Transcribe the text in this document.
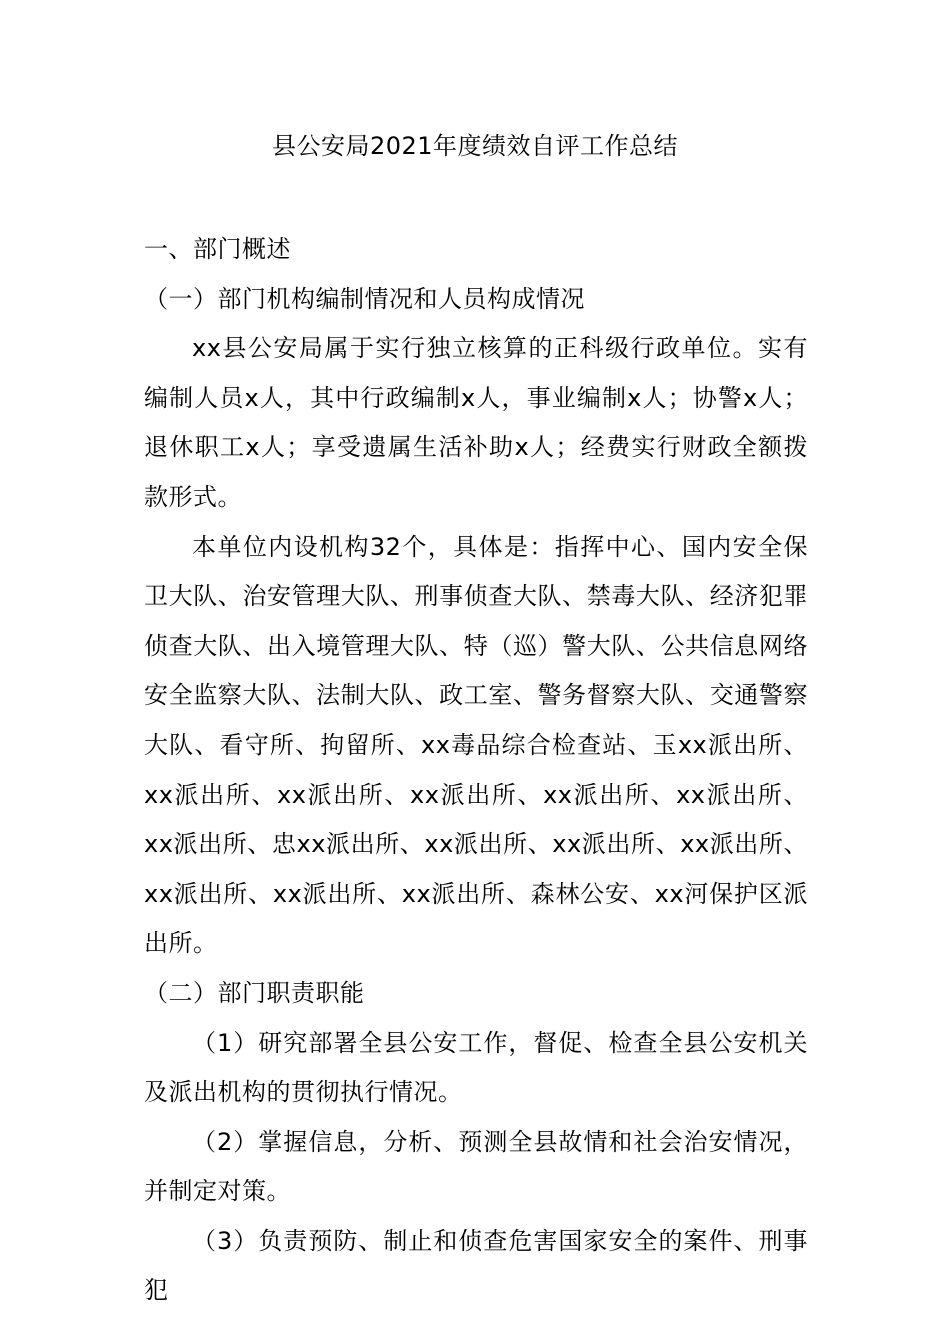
县公安局2021年度绩效自评工作总结

一、部门概述

（一）部门机构编制情况和人员构成情况

xx县公安局属于实行独立核算的正科级行政单位。实有编制人员x人，其中行政编制x人，事业编制x人；协警x人；退休职工x人；享受遗属生活补助x人；经费实行财政全额拨款形式。

本单位内设机构32个，具体是：指挥中心、国内安全保卫大队、治安管理大队、刑事侦查大队、禁毒大队、经济犯罪侦查大队、出入境管理大队、特（巡）警大队、公共信息网络安全监察大队、法制大队、政工室、警务督察大队、交通警察大队、看守所、拘留所、xx毒品综合检查站、玉xx派出所、xx派出所、xx派出所、xx派出所、xx派出所、xx派出所、xx派出所、忠xx派出所、xx派出所、xx派出所、xx派出所、xx派出所、xx派出所、xx派出所、森林公安、xx河保护区派出所。

（二）部门职责职能

（1）研究部署全县公安工作，督促、检查全县公安机关及派出机构的贯彻执行情况。

（2）掌握信息，分析、预测全县故情和社会治安情况，并制定对策。

（3）负责预防、制止和侦查危害国家安全的案件、刑事犯
